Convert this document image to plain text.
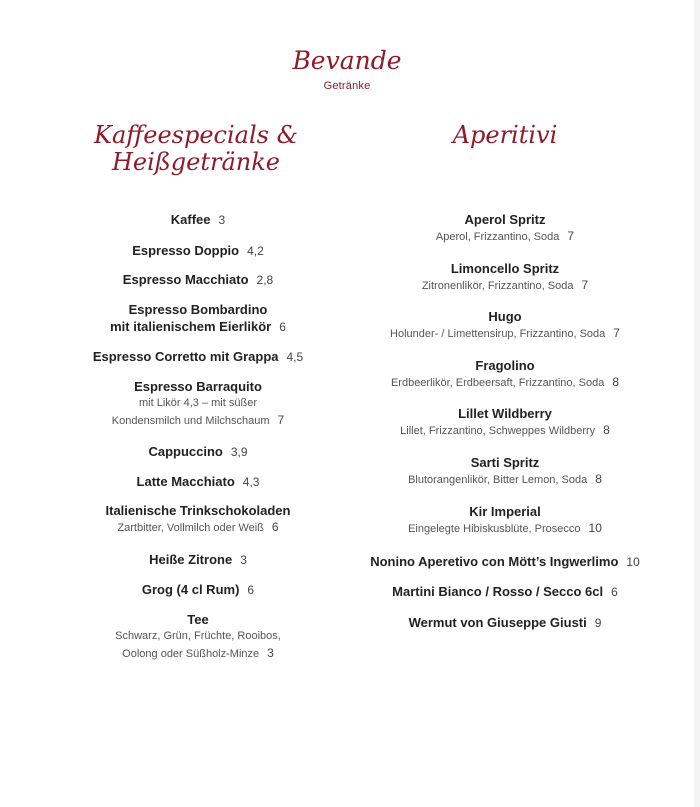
Bevande
Getränke
Kaffeespecials &
Heißgetränke
Kaffee 3
Espresso Doppio 4,2
Espresso Macchiato 2,8
Espresso Bombardino
mit italienischem Eierlikör 6
Espresso Corretto mit Grappa 4,5
Espresso Barraquito
mit Likör 4,3 – mit süßer
Kondensmilch und Milchschaum 7
Cappuccino 3,9
Latte Macchiato 4,3
Italienische Trinkschokoladen
Zartbitter, Vollmilch oder Weiß 6
Heiße Zitrone 3
Grog (4 cl Rum) 6
Tee
Schwarz, Grün, Früchte, Rooibos,
Oolong oder Süßholz-Minze 3
Aperitivi
Aperol Spritz
Aperol, Frizzantino, Soda 7
Limoncello Spritz
Zitronenlikör, Frizzantino, Soda 7
Hugo
Holunder- / Limettensirup, Frizzantino, Soda 7
Fragolino
Erdbeerlikör, Erdbeersaft, Frizzantino, Soda 8
Lillet Wildberry
Lillet, Frizzantino, Schweppes Wildberry 8
Sarti Spritz
Blutorangenlikör, Bitter Lemon, Soda 8
Kir Imperial
Eingelegte Hibiskusblüte, Prosecco 10
Nonino Aperetivo con Mött’s Ingwerlimo 10
Martini Bianco / Rosso / Secco 6cl 6
Wermut von Giuseppe Giusti 9
